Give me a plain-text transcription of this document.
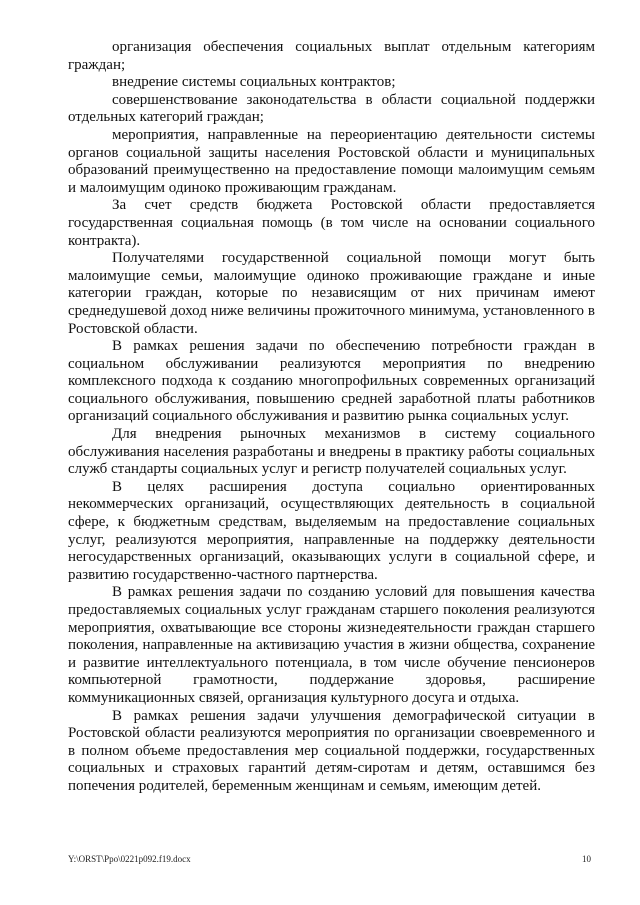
организация обеспечения социальных выплат отдельным категориям граждан;

внедрение системы социальных контрактов;

совершенствование законодательства в области социальной поддержки отдельных категорий граждан;

мероприятия, направленные на переориентацию деятельности системы органов социальной защиты населения Ростовской области и муниципальных образований преимущественно на предоставление помощи малоимущим семьям и малоимущим одиноко проживающим гражданам.

За счет средств бюджета Ростовской области предоставляется государственная социальная помощь (в том числе на основании социального контракта).

Получателями государственной социальной помощи могут быть малоимущие семьи, малоимущие одиноко проживающие граждане и иные категории граждан, которые по независящим от них причинам имеют среднедушевой доход ниже величины прожиточного минимума, установленного в Ростовской области.

В рамках решения задачи по обеспечению потребности граждан в социальном обслуживании реализуются мероприятия по внедрению комплексного подхода к созданию многопрофильных современных организаций социального обслуживания, повышению средней заработной платы работников организаций социального обслуживания и развитию рынка социальных услуг.

Для внедрения рыночных механизмов в систему социального обслуживания населения разработаны и внедрены в практику работы социальных служб стандарты социальных услуг и регистр получателей социальных услуг.

В целях расширения доступа социально ориентированных некоммерческих организаций, осуществляющих деятельность в социальной сфере, к бюджетным средствам, выделяемым на предоставление социальных услуг, реализуются мероприятия, направленные на поддержку деятельности негосударственных организаций, оказывающих услуги в социальной сфере, и развитию государственно-частного партнерства.

В рамках решения задачи по созданию условий для повышения качества предоставляемых социальных услуг гражданам старшего поколения реализуются мероприятия, охватывающие все стороны жизнедеятельности граждан старшего поколения, направленные на активизацию участия в жизни общества, сохранение и развитие интеллектуального потенциала, в том числе обучение пенсионеров компьютерной грамотности, поддержание здоровья, расширение коммуникационных связей, организация культурного досуга и отдыха.

В рамках решения задачи улучшения демографической ситуации в Ростовской области реализуются мероприятия по организации своевременного и в полном объеме предоставления мер социальной поддержки, государственных социальных и страховых гарантий детям-сиротам и детям, оставшимся без попечения родителей, беременным женщинам и семьям, имеющим детей.

Y:\ORST\Ppo\0221p092.f19.docx	10
